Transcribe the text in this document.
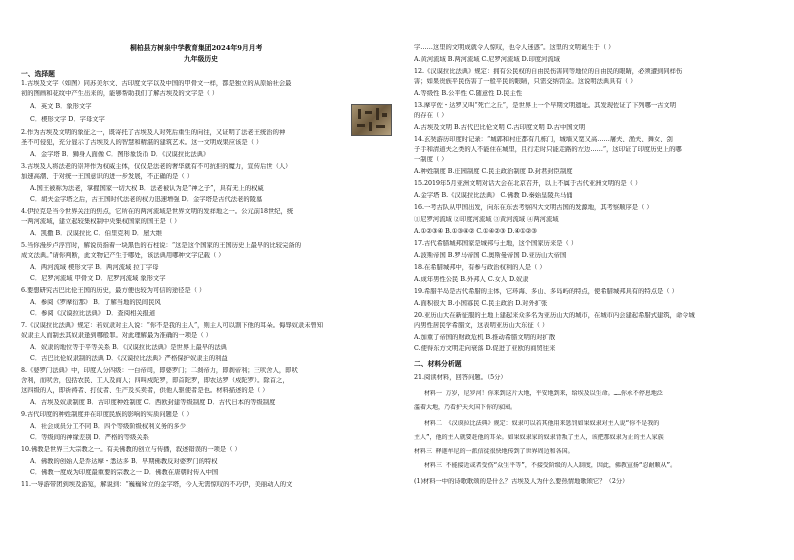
桐柏县方树泉中学教育集团2024年9月月考
九年级历史
一、选择题
1.古埃及文字（如图）同苏美尔文、古印度文字以及中国的甲骨文一样，都是独立的从原始社会最
初的图画和花纹中产生出来的，能够帮助我们了解古埃及的文字是（ ）
A．英文 B．象形文字
C．楔形文字 D．字母文字
2.作为古埃及文明的象征之一，既寄托了古埃及人对死后重生的向往，又证明了法老王统治的神
圣不可侵犯，充分显示了古埃及人的智慧和精湛的建筑艺术。这一文明成果应该是（ ）
A．金字塔 B．狮身人面像 C．图形象货币 D．《汉谟拉比法典》
3.古埃及人将法老的崇拜作为权威主体，仅仅是法老的奢华就有不可抗拒的魔力，宣传后世（人）
加速高潮、于对统一王国意识的进一步发展，不正确的是（ ）
A.国王被称为法老，掌握国家一切大权 B．法老被认为是“神之子”，具有无上的权威
C．胡夫金字塔之后，古王国时代法老的权力迅速增强 D．金字塔是古代法老的陵墓
4.伊拉克是当今世界关注的焦点，它所在的两河流域是世界文明的发祥地之一。公元前18世纪，统
一两河流域，建立起较集权制中央集权国家的国王是（ ）
A．凯撒 B．汉谟拉比 C．伯里克利 D．屋大维
5.当你漫步卢浮宫时，解说员指着一块黑色的石柱说：“这是这个国家的王国历史上最早的比较完备的
成文法典。”请你判断，此文物记产生于哪处，该法典用哪种文字记载（ ）
A．两河流域 楔形文字 B．两河流域 拉丁字母
C．尼罗河流域 甲骨文 D．尼罗河流域 象形文字
6.要想研究古巴比伦王国的历史，最方便也较为可信的途径是（ ）
A．参阅《罗摩衍那》 B．了解当地的民间民风
C．参阅《汉谟拉比法典》 D．查阅相关报道
7.《汉谟拉比法典》规定：若奴隶对主人说：“你不是我的主人”，则主人可以割下他的耳朵。侮辱奴隶未曾知
奴隶主人而制去其奴隶逢到哪般罪。对此理解最为准确的一项是（ ）
A．奴隶的地位等于平等关系 B．《汉谟拉比法典》是世界上最早的法典
C．古巴比伦奴隶制的法典 D．《汉谟拉比法典》严格保护奴隶主的利益
8.《婆罗门法典》中，印度人分四级：一白帝司，即婆罗门；二刹帝力，即刹帝利；三吠舍人，即吠
舍利，而吠舍，包括农民、工人及商人；四叫戍陀罗，即首陀罗，即农达罗（戍陀罗）。除首之，
这四级的人，即祈祷者、打仗者、生产及买卖者，供他人驱使者是也。材料描述的是（ ）
A．古埃及奴隶制度 B．古印度种姓制度 C．西欧封建等级制度 D．古代日本的等级制度
9.古代印度的种姓制度并在印度民族的影响的实质问题是（ ）
A．社会成员分工不同 B．四个等级阶级权利义务的多少
C．等级间的神缘差别 D．严格的等级关系
10.佛教是世界三大宗教之一。有关佛教的创立与传播，叙述错误的一项是（ ）
A．佛教的创始人是乔达摩・悉达多 B．早期佛教反对婆罗门的特权
C．佛教一度成为印度最重要的宗教之一 D．佛教在唐朝时传入中国
11.一导游带团到埃及游览，解说到：“巍巍耸立的金字塔，今人无需惊叹的不巧伊，美丽动人的文
字……这里的文明成就令人惊叹，也令人迷惑”。这里的文明诞生于（ ）
A.黄河流域 B.两河流域 C.尼罗河流域 D.印度河流域
12.《汉谟拉比法典》规定：拥有公民权的自由民伤害同等地位的自由民的眼睛，必须遭到同样伤
害；如果贵族平民伤害了一般平民的眼睛，只需交纳罚金。这说明法典具有（ ）
A.等级性 B.公平性 C.随意性 D.民主性
13.摩亨佐・达罗又叫“死亡之丘”，是世界上一个早期文明遗址。其发现佐证了下列哪一古文明
的存在（ ）
A.古埃及文明 B.古代巴比伦文明 C.古印度文明 D.古中国文明
14.玄奘游历印度时记录：“城郭和村庄都有几栋门，城墙又宽又高……屠夫、渔夫、舞女、刽
子手和清道夫之类的人不能住在城里，且行走时只能走路的左边……”，这印证了印度历史上的哪
一制度（ ）
A.种姓制度 B.庄园制度 C.民主政治制度 D.封君封臣制度
15.2019年5月亚洲文明对话大会在北京召开，以上不属于古代亚洲文明的是（ ）
A.金字塔 B.《汉谟拉比法典》 C.佛教 D.秦始皇陵兵马俑
16.一考古队从甲国出发，向东在东去考察四大文明古国的发源地，其考察顺序是（ ）
①尼罗河流域 ②印度河流域 ③黄河流域 ④两河流域
A.①②③④ B.①③④② C.①④②③ D.④①②③
17.古代希腊城邦国家是城邦与土地，这个国家历来是（ ）
A.波斯帝国 B.罗马帝国 C.奥斯曼帝国 D.亚历山大帝国
18.在希腊城邦中，有参与政治权利的人是（ ）
A.成年男性公民 B.外邦人 C.女人 D.奴隶
19.希腊半岛是古代希腊的主体，它环海、多山、多岛屿的特点，使希腊城邦具有的特点是（ ）
A.面积很大 B.小国寡民 C.民主政治 D.对外扩张
20.亚历山大在新征服的土地上建起来众多名为亚历山大的城市，在城市内会建起希腊式建筑，命令城
内男性居民学希腊文，这表明亚历山大东征（ ）
A.加重了帝国的财政危机 B.推动希腊文明的对扩散
C.使得东方文明走向衰落 D.促进了亚欧的商贸往来
二、材料分析题
21.阅读材料，回答问题。（5分）
材料一 万岁，尼罗河！你来到这片大地，平安地到来，给埃及以生命。……你永不停息地泛
滥着大地，乃看护天火国下你的家园。
材料二 《汉谟拉比法典》规定：奴隶可以若其他用来惩罚如果奴隶对主人说“你不是我的
主人”，他的主人就要赶他的耳朵。如果奴隶家的奴隶背叛了主人，该把那奴隶为止的主人家族
材料三 释迦牟尼的一派信徒很快地传到了世界周边和各国。
材料三 不能接近或者受伤“众生平等”，不接受阶级的人人制度，因此，佛教宣扬“忍耐顺从”。
(1)材料一中的诗歌歌颂的是什么？古埃及人为什么要热情地歌颂它？（2分）
